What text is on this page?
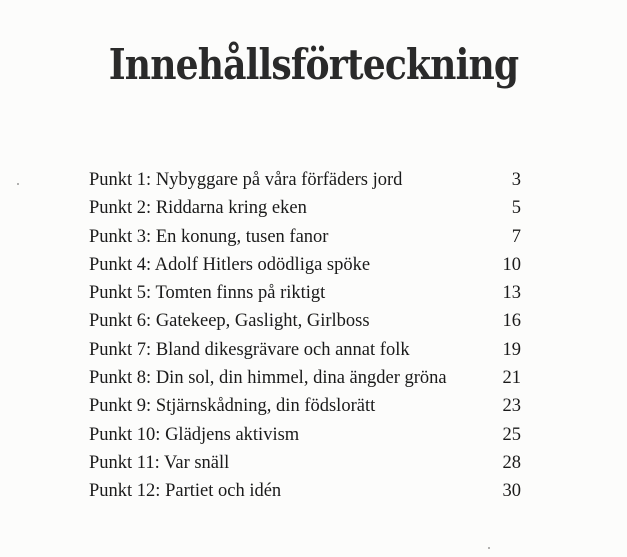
Innehållsförteckning
Punkt 1: Nybyggare på våra förfäders jord	3
Punkt 2: Riddarna kring eken	5
Punkt 3: En konung, tusen fanor	7
Punkt 4: Adolf Hitlers odödliga spöke	10
Punkt 5: Tomten finns på riktigt	13
Punkt 6: Gatekeep, Gaslight, Girlboss	16
Punkt 7: Bland dikesgrävare och annat folk	19
Punkt 8: Din sol, din himmel, dina ängder gröna	21
Punkt 9: Stjärnskådning, din födslorätt	23
Punkt 10: Glädjens aktivism	25
Punkt 11: Var snäll	28
Punkt 12: Partiet och idén	30
